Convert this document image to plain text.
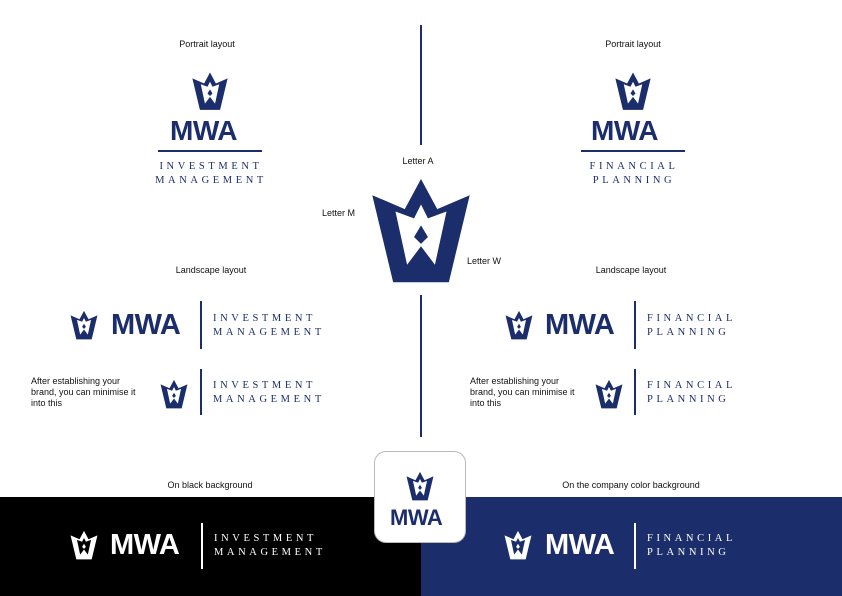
Portrait layout
MWA
INVESTMENT
MANAGEMENT
Portrait layout
MWA
FINANCIAL
PLANNING
Letter A
Letter M
Letter W
Landscape layout
MWA	INVESTMENT
MANAGEMENT
After establishing your brand, you can minimise it into this
INVESTMENT
MANAGEMENT
Landscape layout
MWA	FINANCIAL
PLANNING
After establishing your brand, you can minimise it into this
FINANCIAL
PLANNING
On black background	On the company color background
MWA	INVESTMENT
MANAGEMENT	MWA	FINANCIAL
PLANNING
MWA
